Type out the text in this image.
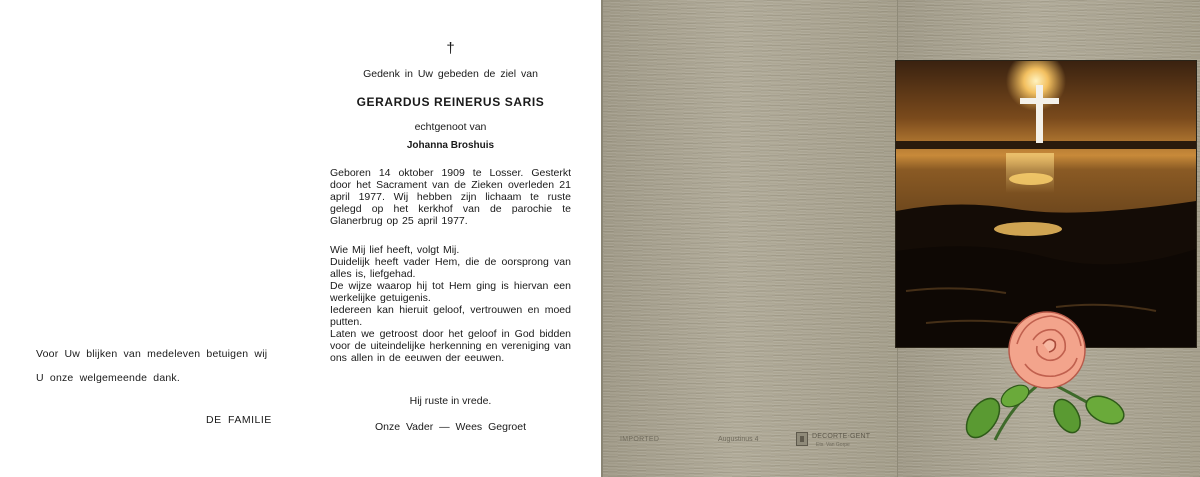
Voor Uw blijken van medeleven betuigen wij
U onze welgemeende dank.
DE FAMILIE
†
Gedenk in Uw gebeden de ziel van
GERARDUS REINERUS SARIS
echtgenoot van
Johanna Broshuis
Geboren 14 oktober 1909 te Losser. Gesterkt door het Sacrament van de Zieken overleden 21 april 1977. Wij hebben zijn lichaam te ruste gelegd op het kerkhof van de parochie te Glanerbrug op 25 april 1977.
Wie Mij lief heeft, volgt Mij.
Duidelijk heeft vader Hem, die de oorsprong van alles is, liefgehad.
De wijze waarop hij tot Hem ging is hiervan een werkelijke getuigenis.
Iedereen kan hieruit geloof, vertrouwen en moed putten.
Laten we getroost door het geloof in God bidden voor de uiteindelijke herkenning en vereniging van ons allen in de eeuwen der eeuwen.
Hij ruste in vrede.
Onze Vader — Wees Gegroet
IMPORTED	Augustinus 4	DECORTE-GENT
Ets. Van Gorpe
